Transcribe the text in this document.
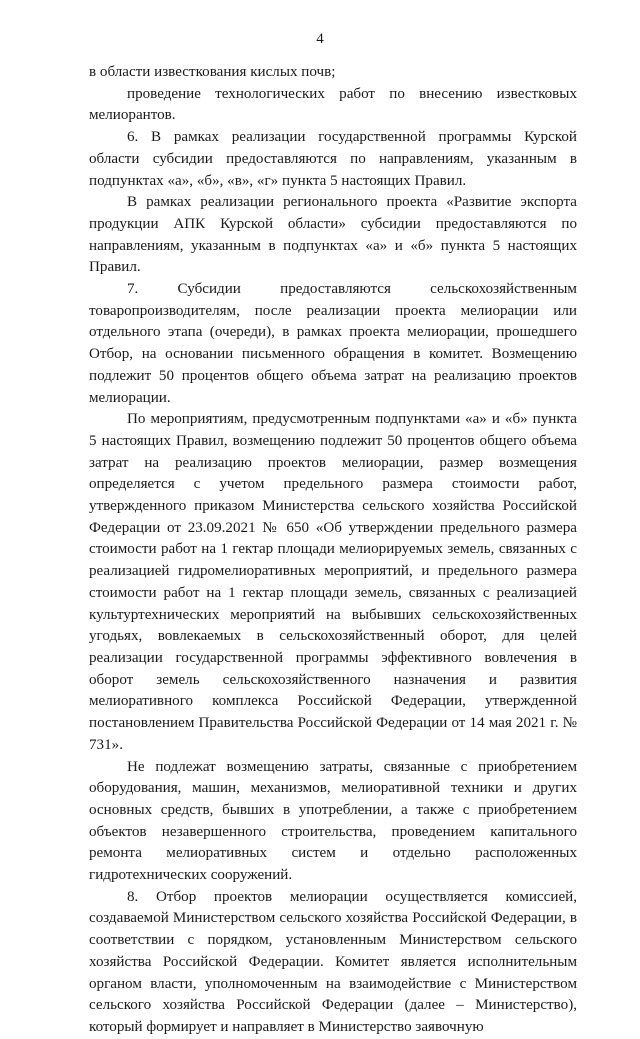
4

в области известкования кислых почв;

проведение технологических работ по внесению известковых мелиорантов.

6. В рамках реализации государственной программы Курской области субсидии предоставляются по направлениям, указанным в подпунктах «а», «б», «в», «г» пункта 5 настоящих Правил.

В рамках реализации регионального проекта «Развитие экспорта продукции АПК Курской области» субсидии предоставляются по направлениям, указанным в подпунктах «а» и «б» пункта 5 настоящих Правил.

7. Субсидии предоставляются сельскохозяйственным товаропроизводителям, после реализации проекта мелиорации или отдельного этапа (очереди), в рамках проекта мелиорации, прошедшего Отбор, на основании письменного обращения в комитет. Возмещению подлежит 50 процентов общего объема затрат на реализацию проектов мелиорации.

По мероприятиям, предусмотренным подпунктами «а» и «б» пункта 5 настоящих Правил, возмещению подлежит 50 процентов общего объема затрат на реализацию проектов мелиорации, размер возмещения определяется с учетом предельного размера стоимости работ, утвержденного приказом Министерства сельского хозяйства Российской Федерации от 23.09.2021 № 650 «Об утверждении предельного размера стоимости работ на 1 гектар площади мелиорируемых земель, связанных с реализацией гидромелиоративных мероприятий, и предельного размера стоимости работ на 1 гектар площади земель, связанных с реализацией культуртехнических мероприятий на выбывших сельскохозяйственных угодьях, вовлекаемых в сельскохозяйственный оборот, для целей реализации государственной программы эффективного вовлечения в оборот земель сельскохозяйственного назначения и развития мелиоративного комплекса Российской Федерации, утвержденной постановлением Правительства Российской Федерации от 14 мая 2021 г. № 731».

Не подлежат возмещению затраты, связанные с приобретением оборудования, машин, механизмов, мелиоративной техники и других основных средств, бывших в употреблении, а также с приобретением объектов незавершенного строительства, проведением капитального ремонта мелиоративных систем и отдельно расположенных гидротехнических сооружений.

8. Отбор проектов мелиорации осуществляется комиссией, создаваемой Министерством сельского хозяйства Российской Федерации, в соответствии с порядком, установленным Министерством сельского хозяйства Российской Федерации. Комитет является исполнительным органом власти, уполномоченным на взаимодействие с Министерством сельского хозяйства Российской Федерации (далее – Министерство), который формирует и направляет в Министерство заявочную
